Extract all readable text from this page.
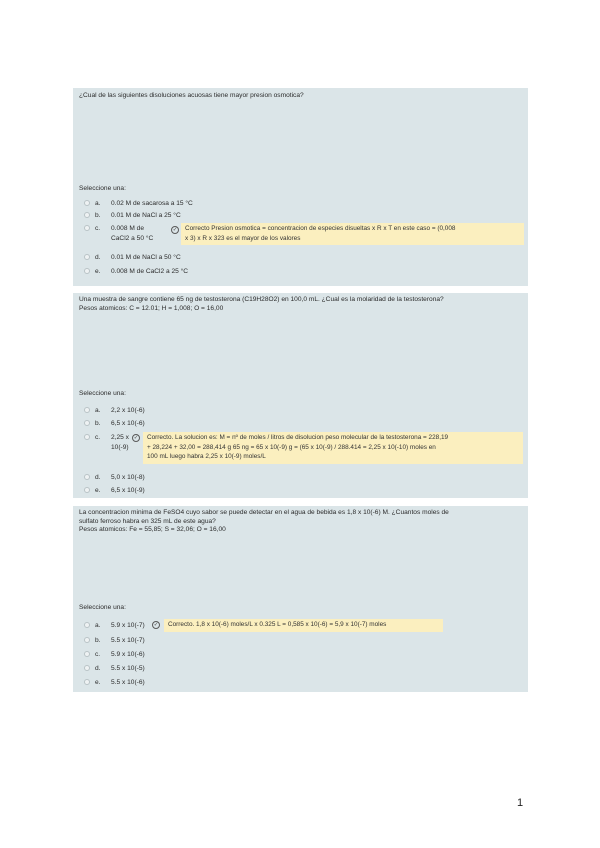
¿Cual de las siguientes disoluciones acuosas tiene mayor presion osmotica?
Seleccione una:
a. 0.02 M de sacarosa a 15 °C
b. 0.01 M de NaCl a 25 °C
c. 0.008 M de
CaCl2 a 50 °C
✓ Correcto Presion osmotica = concentracion de especies disueltas x R x T en este caso = (0,008
x 3) x R x 323 es el mayor de los valores
d. 0.01 M de NaCl a 50 °C
e. 0.008 M de CaCl2 a 25 °C
Una muestra de sangre contiene 65 ng de testosterona (C19H28O2) en 100,0 mL. ¿Cual es la molaridad de la testosterona?
Pesos atomicos: C = 12.01; H = 1,008; O = 16,00
Seleccione una:
a. 2,2 x 10(-6)
b. 6,5 x 10(-6)
c. 2,25 x
10(-9)
✓ Correcto. La solucion es: M = nº de moles / litros de disolucion peso molecular de la testosterona = 228,19
+ 28,224 + 32,00 = 288,414 g 65 ng = 65 x 10(-9) g = (65 x 10(-9) / 288.414 = 2,25 x 10(-10) moles en
100 mL luego habra 2,25 x 10(-9) moles/L
d. 5,0 x 10(-8)
e. 6,5 x 10(-9)
La concentracion minima de FeSO4 cuyo sabor se puede detectar en el agua de bebida es 1,8 x 10(-6) M. ¿Cuantos moles de
sulfato ferroso habra en 325 mL de este agua?
Pesos atomicos: Fe = 55,85; S = 32,06; O = 16,00
Seleccione una:
a. 5.9 x 10(-7)	✓ Correcto. 1,8 x 10(-6) moles/L x 0.325 L = 0,585 x 10(-6) = 5,9 x 10(-7) moles
b. 5.5 x 10(-7)
c. 5.9 x 10(-6)
d. 5.5 x 10(-5)
e. 5.5 x 10(-6)
1
